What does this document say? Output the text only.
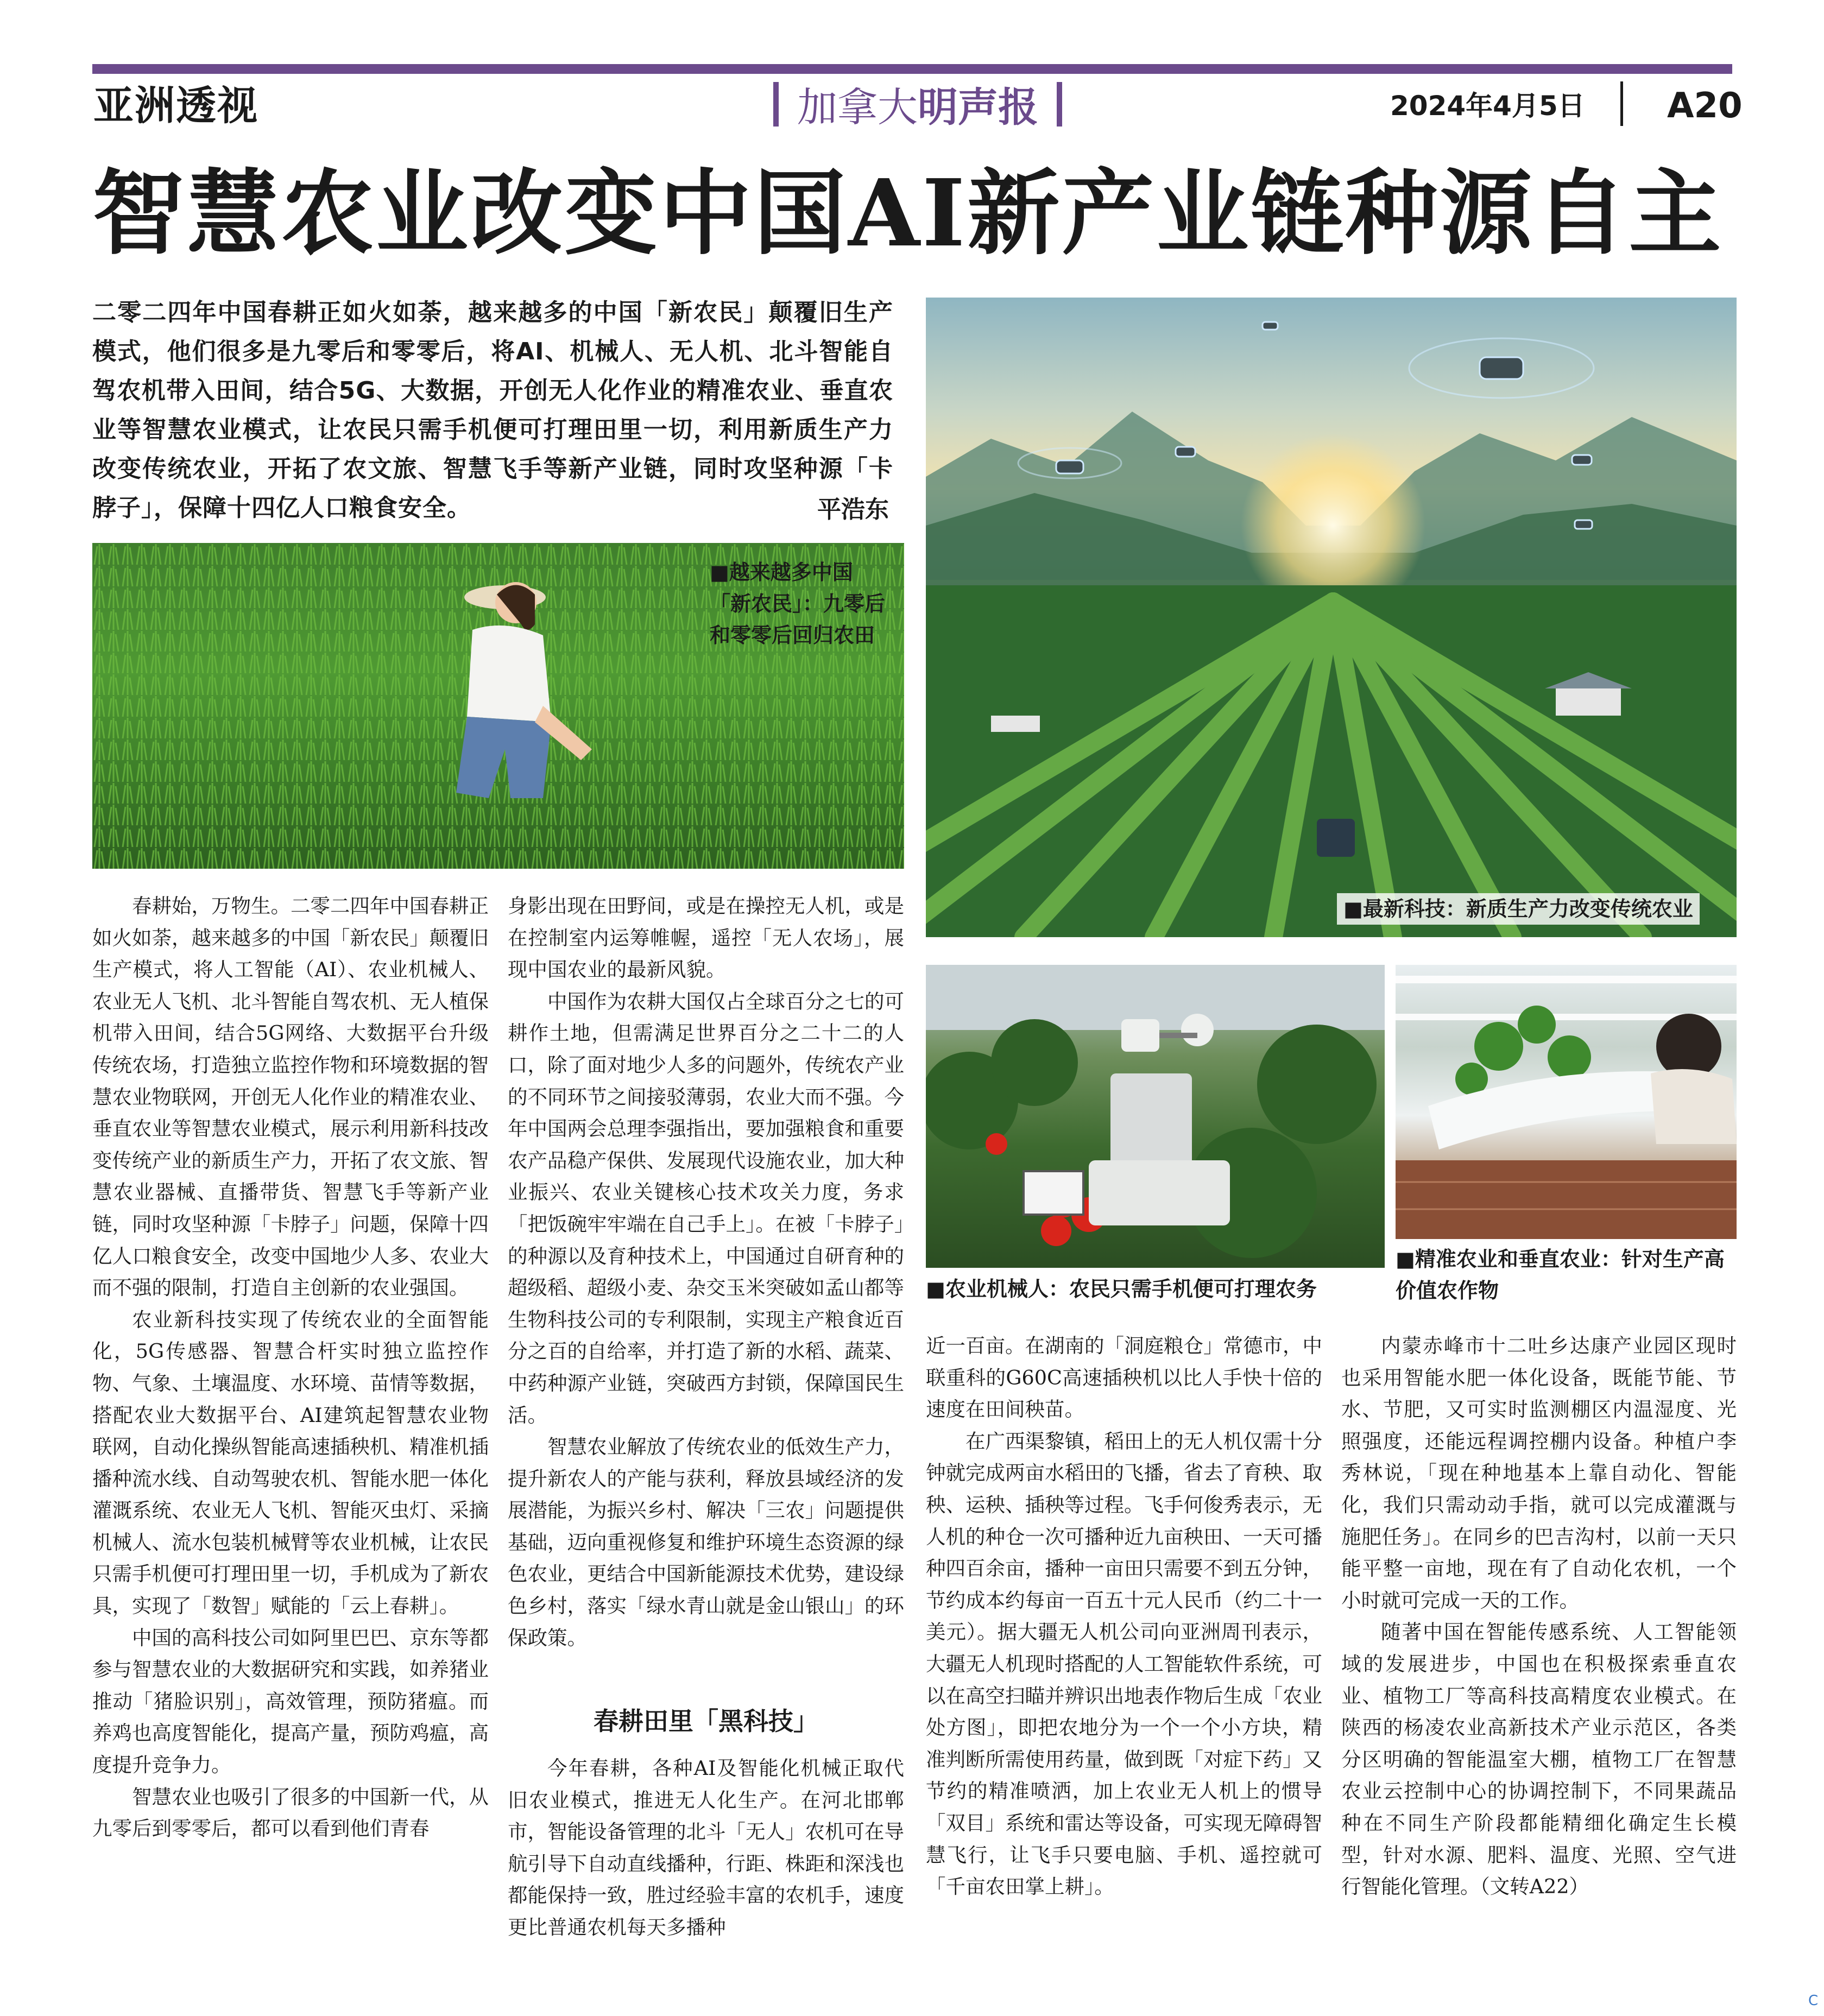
亚洲透视	加拿大 明声报	2024年4月5日 A20
智慧农业改变中国AI新产业链种源自主
二零二四年中国春耕正如火如荼，越来越多的中国「新农民」颠覆旧生产模式，他们很多是九零后和零零后，将AI、机械人、无人机、北斗智能自驾农机带入田间，结合5G、大数据，开创无人化作业的精准农业、垂直农业等智慧农业模式，让农民只需手机便可打理田里一切，利用新质生产力改变传统农业，开拓了农文旅、智慧飞手等新产业链，同时攻坚种源「卡脖子」，保障十四亿人口粮食安全。	平浩东
■越来越多中国「新农民」：九零后和零零后回归农田
■最新科技：新质生产力改变传统农业
■农业机械人：农民只需手机便可打理农务
■精准农业和垂直农业：针对生产高价值农作物

春耕始，万物生。二零二四年中国春耕正如火如荼，越来越多的中国「新农民」颠覆旧生产模式，将人工智能（AI）、农业机械人、农业无人飞机、北斗智能自驾农机、无人植保机带入田间，结合5G网络、大数据平台升级传统农场，打造独立监控作物和环境数据的智慧农业物联网，开创无人化作业的精准农业、垂直农业等智慧农业模式，展示利用新科技改变传统产业的新质生产力，开拓了农文旅、智慧农业器械、直播带货、智慧飞手等新产业链，同时攻坚种源「卡脖子」问题，保障十四亿人口粮食安全，改变中国地少人多、农业大而不强的限制，打造自主创新的农业强国。

农业新科技实现了传统农业的全面智能化，5G传感器、智慧合杆实时独立监控作物、气象、土壤温度、水环境、苗情等数据，搭配农业大数据平台、AI建筑起智慧农业物联网，自动化操纵智能高速插秧机、精准机插播种流水线、自动驾驶农机、智能水肥一体化灌溉系统、农业无人飞机、智能灭虫灯、采摘机械人、流水包装机械臂等农业机械，让农民只需手机便可打理田里一切，手机成为了新农具，实现了「数智」赋能的「云上春耕」。

中国的高科技公司如阿里巴巴、京东等都参与智慧农业的大数据研究和实践，如养猪业推动「猪脸识别」，高效管理，预防猪瘟。而养鸡也高度智能化，提高产量，预防鸡瘟，高度提升竞争力。

智慧农业也吸引了很多的中国新一代，从九零后到零零后，都可以看到他们青春

身影出现在田野间，或是在操控无人机，或是在控制室内运筹帷幄，遥控「无人农场」，展现中国农业的最新风貌。

中国作为农耕大国仅占全球百分之七的可耕作土地，但需满足世界百分之二十二的人口，除了面对地少人多的问题外，传统农产业的不同环节之间接驳薄弱，农业大而不强。今年中国两会总理李强指出，要加强粮食和重要农产品稳产保供、发展现代设施农业，加大种业振兴、农业关键核心技术攻关力度，务求「把饭碗牢牢端在自己手上」。在被「卡脖子」的种源以及育种技术上，中国通过自研育种的超级稻、超级小麦、杂交玉米突破如孟山都等生物科技公司的专利限制，实现主产粮食近百分之百的自给率，并打造了新的水稻、蔬菜、中药种源产业链，突破西方封锁，保障国民生活。

智慧农业解放了传统农业的低效生产力，提升新农人的产能与获利，释放县域经济的发展潜能，为振兴乡村、解决「三农」问题提供基础，迈向重视修复和维护环境生态资源的绿色农业，更结合中国新能源技术优势，建设绿色乡村，落实「绿水青山就是金山银山」的环保政策。

春耕田里「黑科技」

今年春耕，各种AI及智能化机械正取代旧农业模式，推进无人化生产。在河北邯郸市，智能设备管理的北斗「无人」农机可在导航引导下自动直线播种，行距、株距和深浅也都能保持一致，胜过经验丰富的农机手，速度更比普通农机每天多播种

近一百亩。在湖南的「洞庭粮仓」常德市，中联重科的G60C高速插秧机以比人手快十倍的速度在田间秧苗。

在广西渠黎镇，稻田上的无人机仅需十分钟就完成两亩水稻田的飞播，省去了育秧、取秧、运秧、插秧等过程。飞手何俊秀表示，无人机的种仓一次可播种近九亩秧田、一天可播种四百余亩，播种一亩田只需要不到五分钟，节约成本约每亩一百五十元人民币（约二十一美元）。据大疆无人机公司向亚洲周刊表示，大疆无人机现时搭配的人工智能软件系统，可以在高空扫瞄并辨识出地表作物后生成「农业处方图」，即把农地分为一个一个小方块，精准判断所需使用药量，做到既「对症下药」又节约的精准喷洒，加上农业无人机上的惯导「双目」系统和雷达等设备，可实现无障碍智慧飞行，让飞手只要电脑、手机、遥控就可「千亩农田掌上耕」。

内蒙赤峰市十二吐乡达康产业园区现时也采用智能水肥一体化设备，既能节能、节水、节肥，又可实时监测棚区内温湿度、光照强度，还能远程调控棚内设备。种植户李秀林说，「现在种地基本上靠自动化、智能化，我们只需动动手指，就可以完成灌溉与施肥任务」。在同乡的巴吉沟村，以前一天只能平整一亩地，现在有了自动化农机，一个小时就可完成一天的工作。

随著中国在智能传感系统、人工智能领域的发展进步，中国也在积极探索垂直农业、植物工厂等高科技高精度农业模式。在陕西的杨凌农业高新技术产业示范区，各类分区明确的智能温室大棚，植物工厂在智慧农业云控制中心的协调控制下，不同果蔬品种在不同生产阶段都能精细化确定生长模型，针对水源、肥料、温度、光照、空气进行智能化管理。（文转A22）

C
